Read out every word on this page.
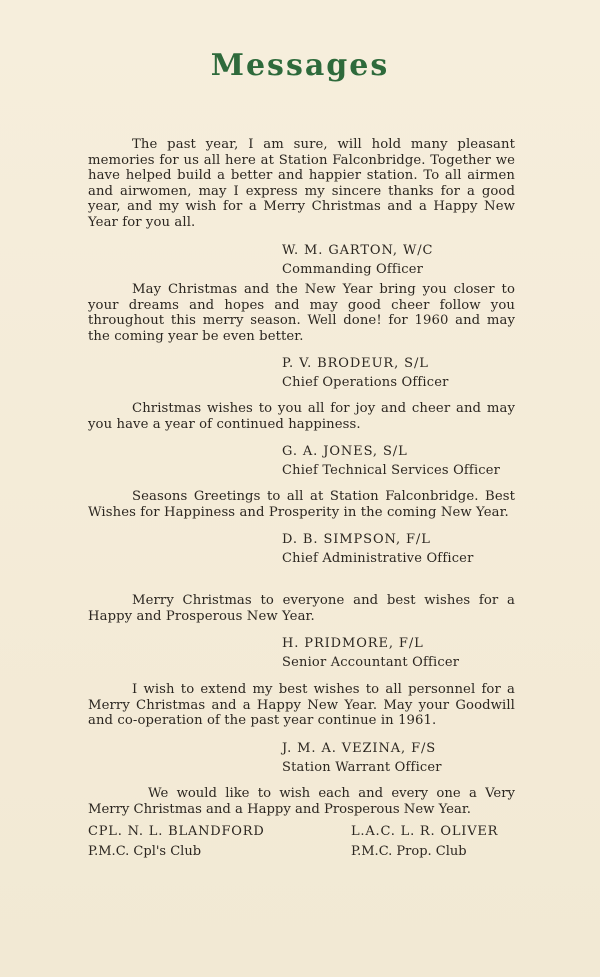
Messages

The past year, I am sure, will hold many pleasant memories for us all here at Station Falconbridge. Together we have helped build a better and happier station. To all airmen and airwomen, may I express my sincere thanks for a good year, and my wish for a Merry Christmas and a Happy New Year for you all.

W. M. GARTON, W/C
Commanding Officer

May Christmas and the New Year bring you closer to your dreams and hopes and may good cheer follow you throughout this merry season. Well done! for 1960 and may the coming year be even better.

P. V. BRODEUR, S/L
Chief Operations Officer

Christmas wishes to you all for joy and cheer and may you have a year of continued happiness.

G. A. JONES, S/L
Chief Technical Services Officer

Seasons Greetings to all at Station Falconbridge. Best Wishes for Happiness and Prosperity in the coming New Year.

D. B. SIMPSON, F/L
Chief Administrative Officer

Merry Christmas to everyone and best wishes for a Happy and Prosperous New Year.

H. PRIDMORE, F/L
Senior Accountant Officer

I wish to extend my best wishes to all personnel for a Merry Christmas and a Happy New Year. May your Goodwill and co-operation of the past year continue in 1961.

J. M. A. VEZINA, F/S
Station Warrant Officer

We would like to wish each and every one a Very Merry Christmas and a Happy and Prosperous New Year.

CPL. N. L. BLANDFORD
P.M.C. Cpl's Club
L.A.C. L. R. OLIVER
P.M.C. Prop. Club
